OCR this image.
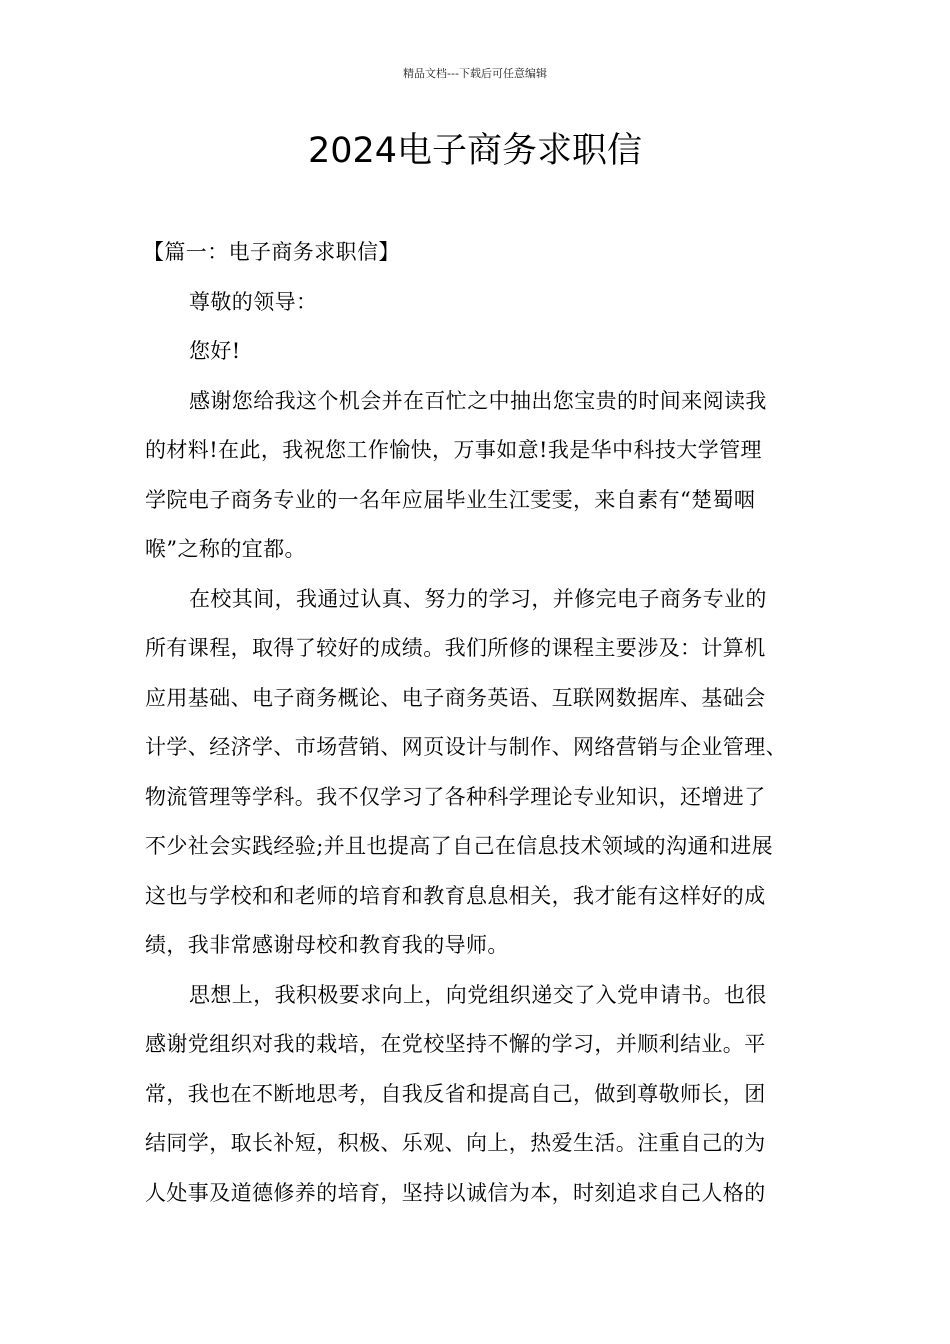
精品文档---下载后可任意编辑
2024电子商务求职信
【篇一：电子商务求职信】
尊敬的领导：
您好!
感谢您给我这个机会并在百忙之中抽出您宝贵的时间来阅读我
的材料!在此，我祝您工作愉快，万事如意!我是华中科技大学管理
学院电子商务专业的一名年应届毕业生江雯雯，来自素有“楚蜀咽
喉”之称的宜都。
在校其间，我通过认真、努力的学习，并修完电子商务专业的
所有课程，取得了较好的成绩。我们所修的课程主要涉及：计算机
应用基础、电子商务概论、电子商务英语、互联网数据库、基础会
计学、经济学、市场营销、网页设计与制作、网络营销与企业管理、
物流管理等学科。我不仅学习了各种科学理论专业知识，还增进了
不少社会实践经验;并且也提高了自己在信息技术领域的沟通和进展
这也与学校和和老师的培育和教育息息相关，我才能有这样好的成
绩，我非常感谢母校和教育我的导师。
思想上，我积极要求向上，向党组织递交了入党申请书。也很
感谢党组织对我的栽培，在党校坚持不懈的学习，并顺利结业。平
常，我也在不断地思考，自我反省和提高自己，做到尊敬师长，团
结同学，取长补短，积极、乐观、向上，热爱生活。注重自己的为
人处事及道德修养的培育，坚持以诚信为本，时刻追求自己人格的
